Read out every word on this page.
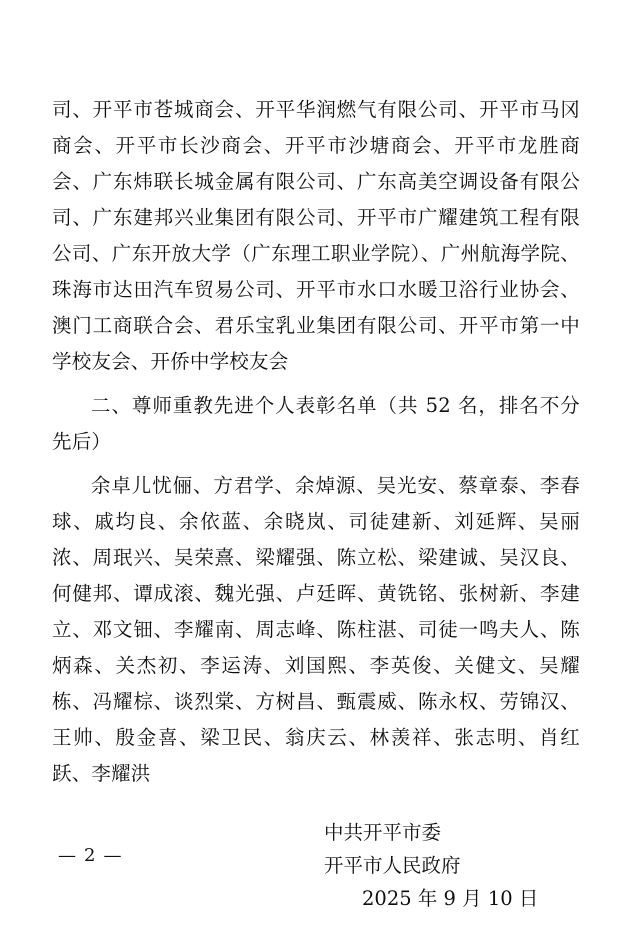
司、开平市苍城商会、开平华润燃气有限公司、开平市马冈商会、开平市长沙商会、开平市沙塘商会、开平市龙胜商会、广东炜联长城金属有限公司、广东高美空调设备有限公司、广东建邦兴业集团有限公司、开平市广耀建筑工程有限公司、广东开放大学（广东理工职业学院）、广州航海学院、珠海市达田汽车贸易公司、开平市水口水暖卫浴行业协会、澳门工商联合会、君乐宝乳业集团有限公司、开平市第一中学校友会、开侨中学校友会

二、尊师重教先进个人表彰名单（共 52 名，排名不分先后）

余卓儿忧俪、方君学、余焯源、吴光安、蔡章泰、李春球、戚均良、余依蓝、余晓岚、司徒建新、刘延辉、吴丽浓、周珉兴、吴荣熹、梁耀强、陈立松、梁建诚、吴汉良、何健邦、谭成滚、魏光强、卢廷晖、黄铣铭、张树新、李建立、邓文钿、李耀南、周志峰、陈柱湛、司徒一鸣夫人、陈炳森、关杰初、李运涛、刘国熙、李英俊、关健文、吴耀栋、冯耀棕、谈烈棠、方树昌、甄震威、陈永权、劳锦汉、王帅、殷金喜、梁卫民、翁庆云、林羡祥、张志明、肖红跃、李耀洪

中共开平市委
开平市人民政府
2025 年 9 月 10 日
— 2 —
